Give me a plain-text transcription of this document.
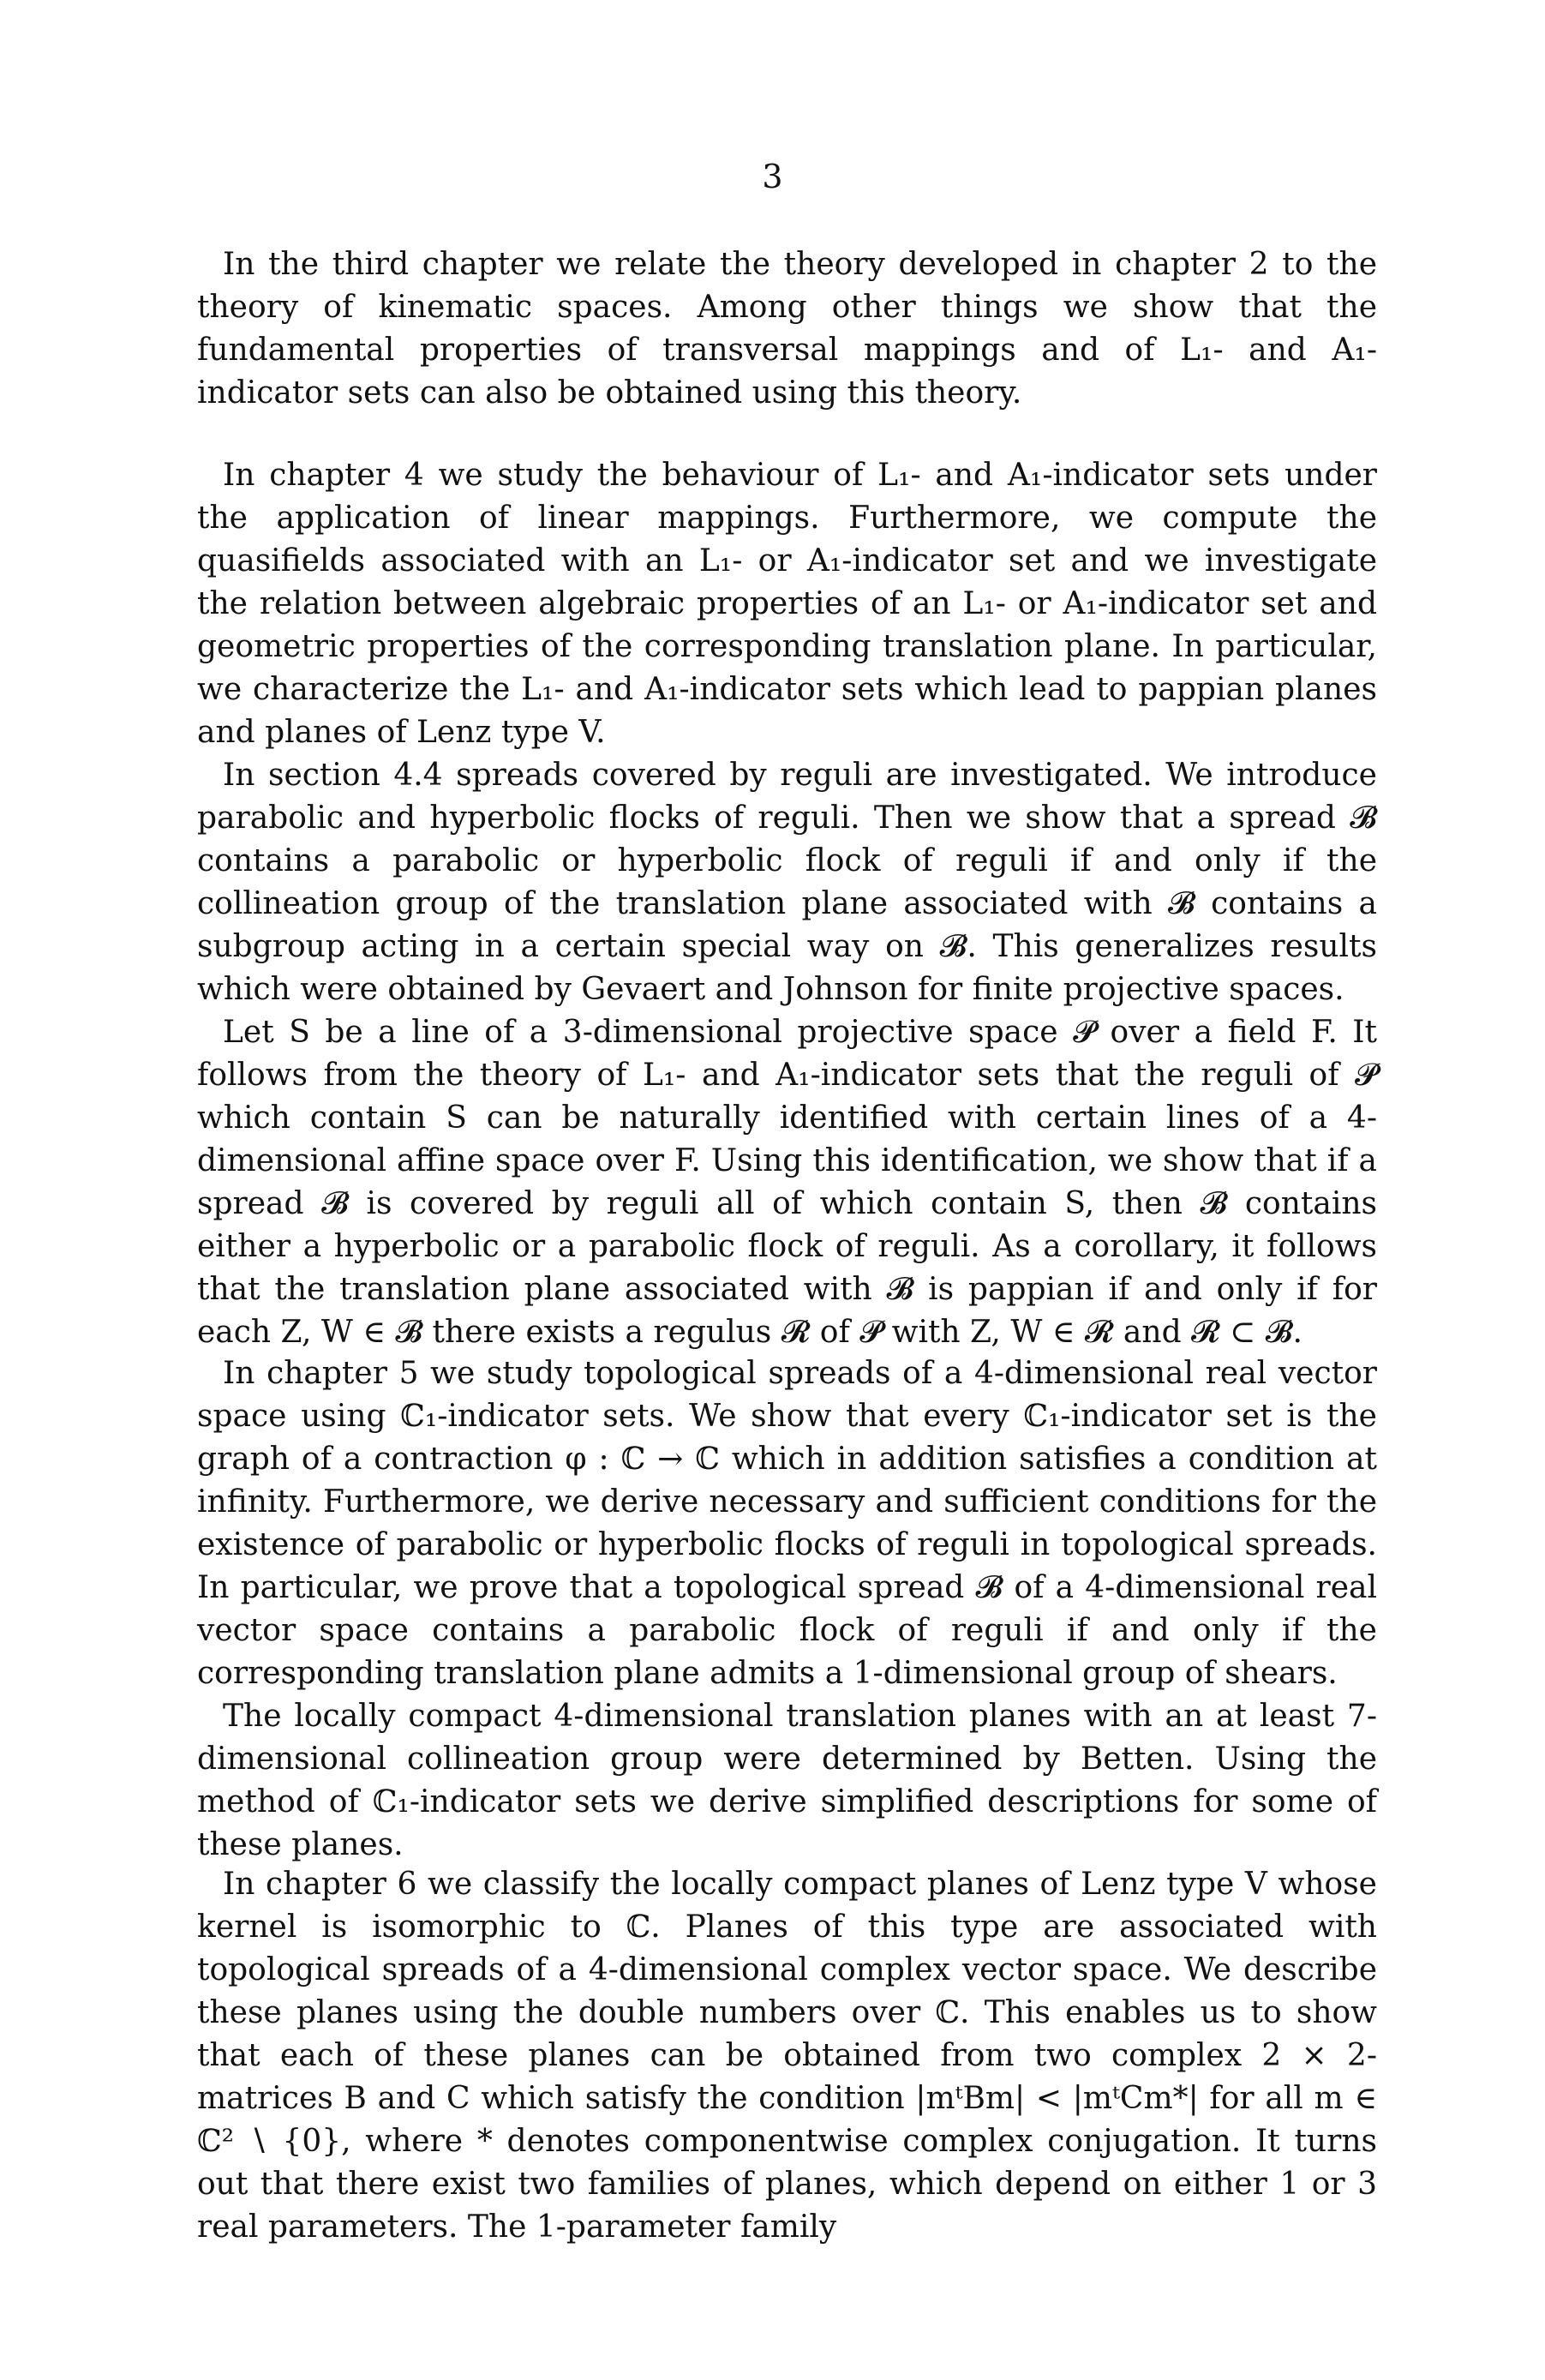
3

In the third chapter we relate the theory developed in chapter 2 to the theory of kinematic spaces. Among other things we show that the fundamental properties of transversal mappings and of L₁- and A₁-indicator sets can also be obtained using this theory.

In chapter 4 we study the behaviour of L₁- and A₁-indicator sets under the application of linear mappings. Furthermore, we compute the quasifields associated with an L₁- or A₁-indicator set and we investigate the relation between algebraic properties of an L₁- or A₁-indicator set and geometric properties of the corresponding translation plane. In particular, we characterize the L₁- and A₁-indicator sets which lead to pappian planes and planes of Lenz type V.

In section 4.4 spreads covered by reguli are investigated. We introduce parabolic and hyperbolic flocks of reguli. Then we show that a spread 𝓑 contains a parabolic or hyperbolic flock of reguli if and only if the collineation group of the translation plane associated with 𝓑 contains a subgroup acting in a certain special way on 𝓑. This generalizes results which were obtained by Gevaert and Johnson for finite projective spaces.

Let S be a line of a 3-dimensional projective space 𝓟 over a field F. It follows from the theory of L₁- and A₁-indicator sets that the reguli of 𝓟 which contain S can be naturally identified with certain lines of a 4-dimensional affine space over F. Using this identification, we show that if a spread 𝓑 is covered by reguli all of which contain S, then 𝓑 contains either a hyperbolic or a parabolic flock of reguli. As a corollary, it follows that the translation plane associated with 𝓑 is pappian if and only if for each Z, W ∈ 𝓑 there exists a regulus 𝓡 of 𝓟 with Z, W ∈ 𝓡 and 𝓡 ⊂ 𝓑.

In chapter 5 we study topological spreads of a 4-dimensional real vector space using ℂ₁-indicator sets. We show that every ℂ₁-indicator set is the graph of a contraction φ : ℂ → ℂ which in addition satisfies a condition at infinity. Furthermore, we derive necessary and sufficient conditions for the existence of parabolic or hyperbolic flocks of reguli in topological spreads. In particular, we prove that a topological spread 𝓑 of a 4-dimensional real vector space contains a parabolic flock of reguli if and only if the corresponding translation plane admits a 1-dimensional group of shears.

The locally compact 4-dimensional translation planes with an at least 7-dimensional collineation group were determined by Betten. Using the method of ℂ₁-indicator sets we derive simplified descriptions for some of these planes.

In chapter 6 we classify the locally compact planes of Lenz type V whose kernel is isomorphic to ℂ. Planes of this type are associated with topological spreads of a 4-dimensional complex vector space. We describe these planes using the double numbers over ℂ. This enables us to show that each of these planes can be obtained from two complex 2 × 2-matrices B and C which satisfy the condition |mᵗBm| < |mᵗCm*| for all m ∈ ℂ² ∖ {0}, where * denotes componentwise complex conjugation. It turns out that there exist two families of planes, which depend on either 1 or 3 real parameters. The 1-parameter family
